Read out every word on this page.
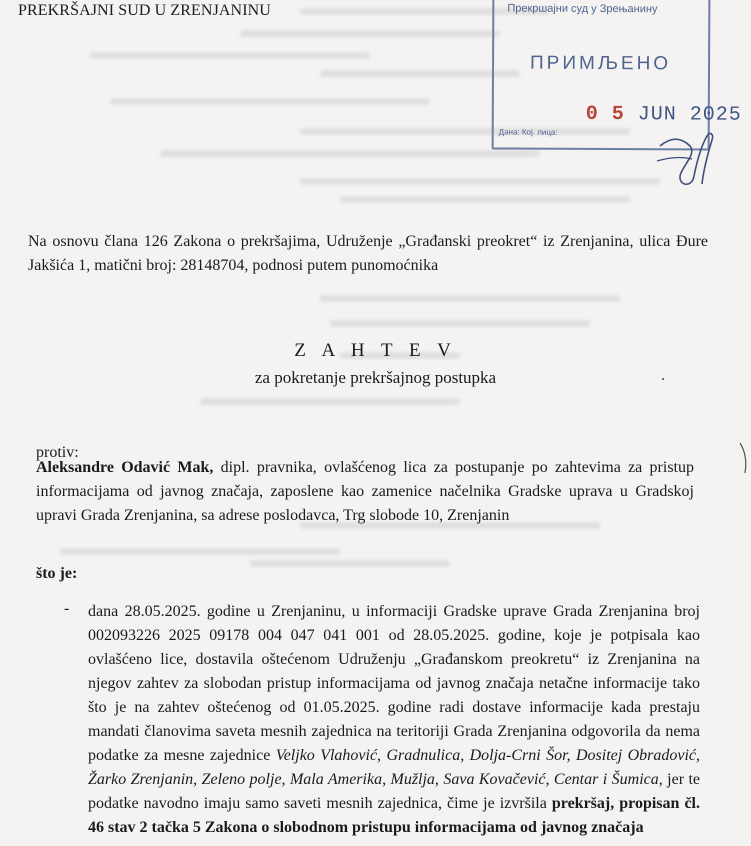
PREKRŠAJNI SUD U ZRENJANINU	Прекршајни суд у Зрењанину
ПРИМЉЕНО
0 5 JUN 2025
Дана: Кој. лица:
Na osnovu člana 126 Zakona o prekršajima, Udruženje „Građanski preokret“ iz Zrenjanina, ulica Đure Jakšića 1, matični broj: 28148704, podnosi putem punomoćnika
Z A H T E V
za pokretanje prekršajnog postupka
protiv:
Aleksandre Odavić Mak, dipl. pravnika, ovlašćenog lica za postupanje po zahtevima za pristup informacijama od javnog značaja, zaposlene kao zamenice načelnika Gradske uprava u Gradskoj upravi Grada Zrenjanina, sa adrese poslodavca, Trg slobode 10, Zrenjanin
što je:
- dana 28.05.2025. godine u Zrenjaninu, u informaciji Gradske uprave Grada Zrenjanina broj 002093226 2025 09178 004 047 041 001 od 28.05.2025. godine, koje je potpisala kao ovlašćeno lice, dostavila oštećenom Udruženju „Građanskom preokretu“ iz Zrenjanina na njegov zahtev za slobodan pristup informacijama od javnog značaja netačne informacije tako što je na zahtev oštećenog od 01.05.2025. godine radi dostave informacije kada prestaju mandati članovima saveta mesnih zajednica na teritoriji Grada Zrenjanina odgovorila da nema podatke za mesne zajednice Veljko Vlahović, Gradnulica, Dolja-Crni Šor, Dositej Obradović, Žarko Zrenjanin, Zeleno polje, Mala Amerika, Mužlja, Sava Kovačević, Centar i Šumica, jer te podatke navodno imaju samo saveti mesnih zajednica, čime je izvršila prekršaj, propisan čl. 46 stav 2 tačka 5 Zakona o slobodnom pristupu informacijama od javnog značaja
